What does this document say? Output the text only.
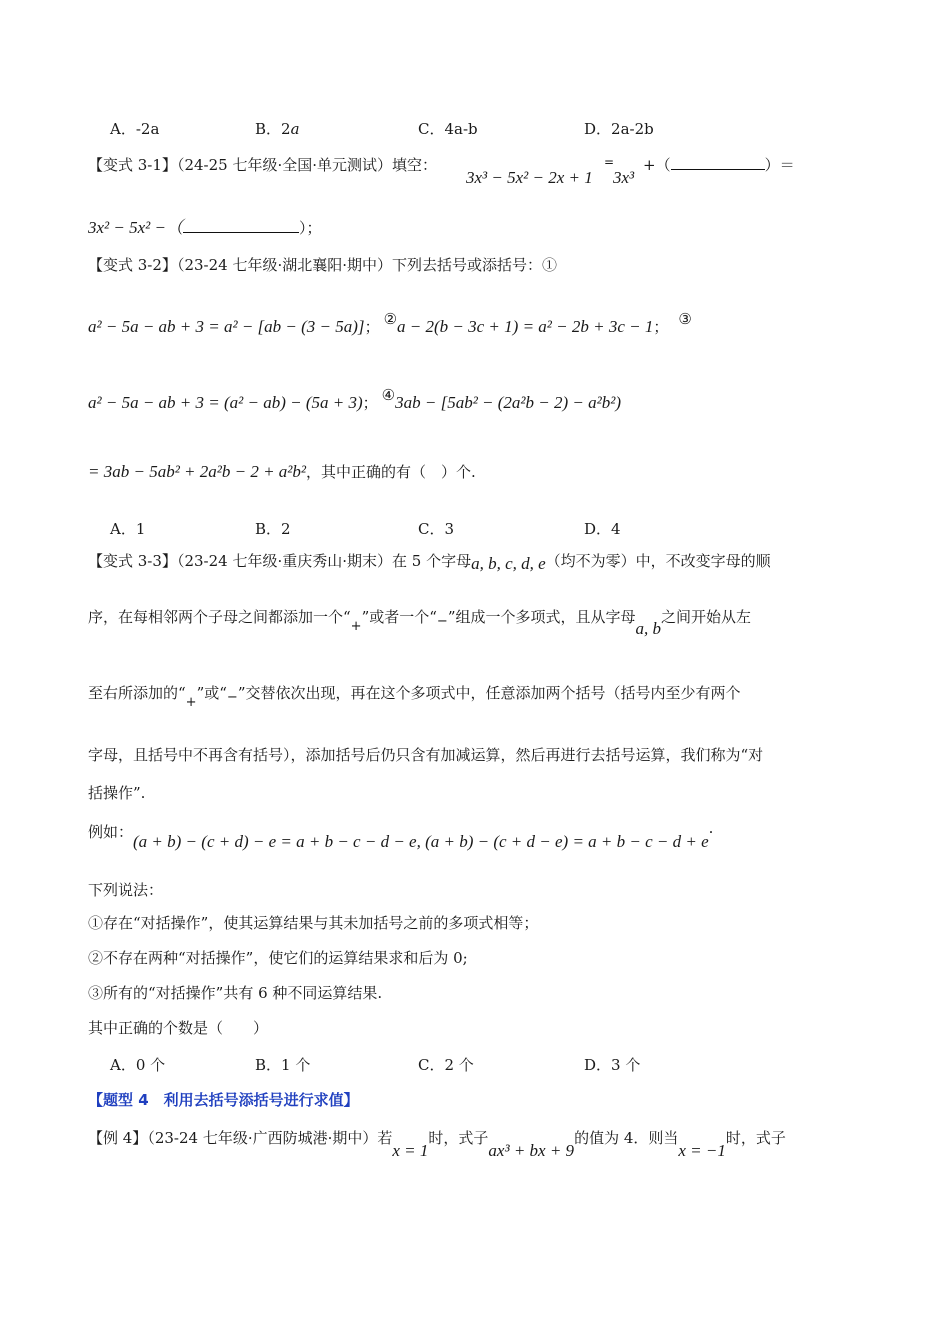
A．-2a	B．2a	C．4a-b	D．2a-2b
【变式 3-1】（24-25 七年级·全国·单元测试）填空：
3x³ − 5x² − 2x + 1
=
3x³
+（	）＝
3x² − 5x² −（	）；
【变式 3-2】（23-24 七年级·湖北襄阳·期中）下列去括号或添括号：①
a² − 5a − ab + 3 = a² − [ab − (3 − 5a)]； ②a − 2(b − 3c + 1) = a² − 2b + 3c − 1； ③
a² − 5a − ab + 3 = (a² − ab) − (5a + 3)； ④3ab − [5ab² − (2a²b − 2) − a²b²)
= 3ab − 5ab² + 2a²b − 2 + a²b²，其中正确的有（　）个.
A．1	B．2	C．3	D．4
【变式 3-3】（23-24 七年级·重庆秀山·期末）在 5 个字母a, b, c, d, e（均不为零）中，不改变字母的顺
序，在每相邻两个子母之间都添加一个“+”或者一个“−”组成一个多项式，且从字母a, b之间开始从左
至右所添加的“+”或“−”交替依次出现，再在这个多项式中，任意添加两个括号（括号内至少有两个
字母，且括号中不再含有括号），添加括号后仍只含有加减运算，然后再进行去括号运算，我们称为“对
括操作”.
例如：(a + b) − (c + d) − e = a + b − c − d − e, (a + b) − (c + d − e) = a + b − c − d + e·
下列说法：
①存在“对括操作”，使其运算结果与其未加括号之前的多项式相等；
②不存在两种“对括操作”，使它们的运算结果求和后为 0;
③所有的“对括操作”共有 6 种不同运算结果.
其中正确的个数是（　　）
A．0 个	B．1 个	C．2 个	D．3 个
【题型 4　利用去括号添括号进行求值】
【例 4】（23-24 七年级·广西防城港·期中）若x = 1时，式子ax³ + bx + 9的值为 4．则当x = −1时，式子
